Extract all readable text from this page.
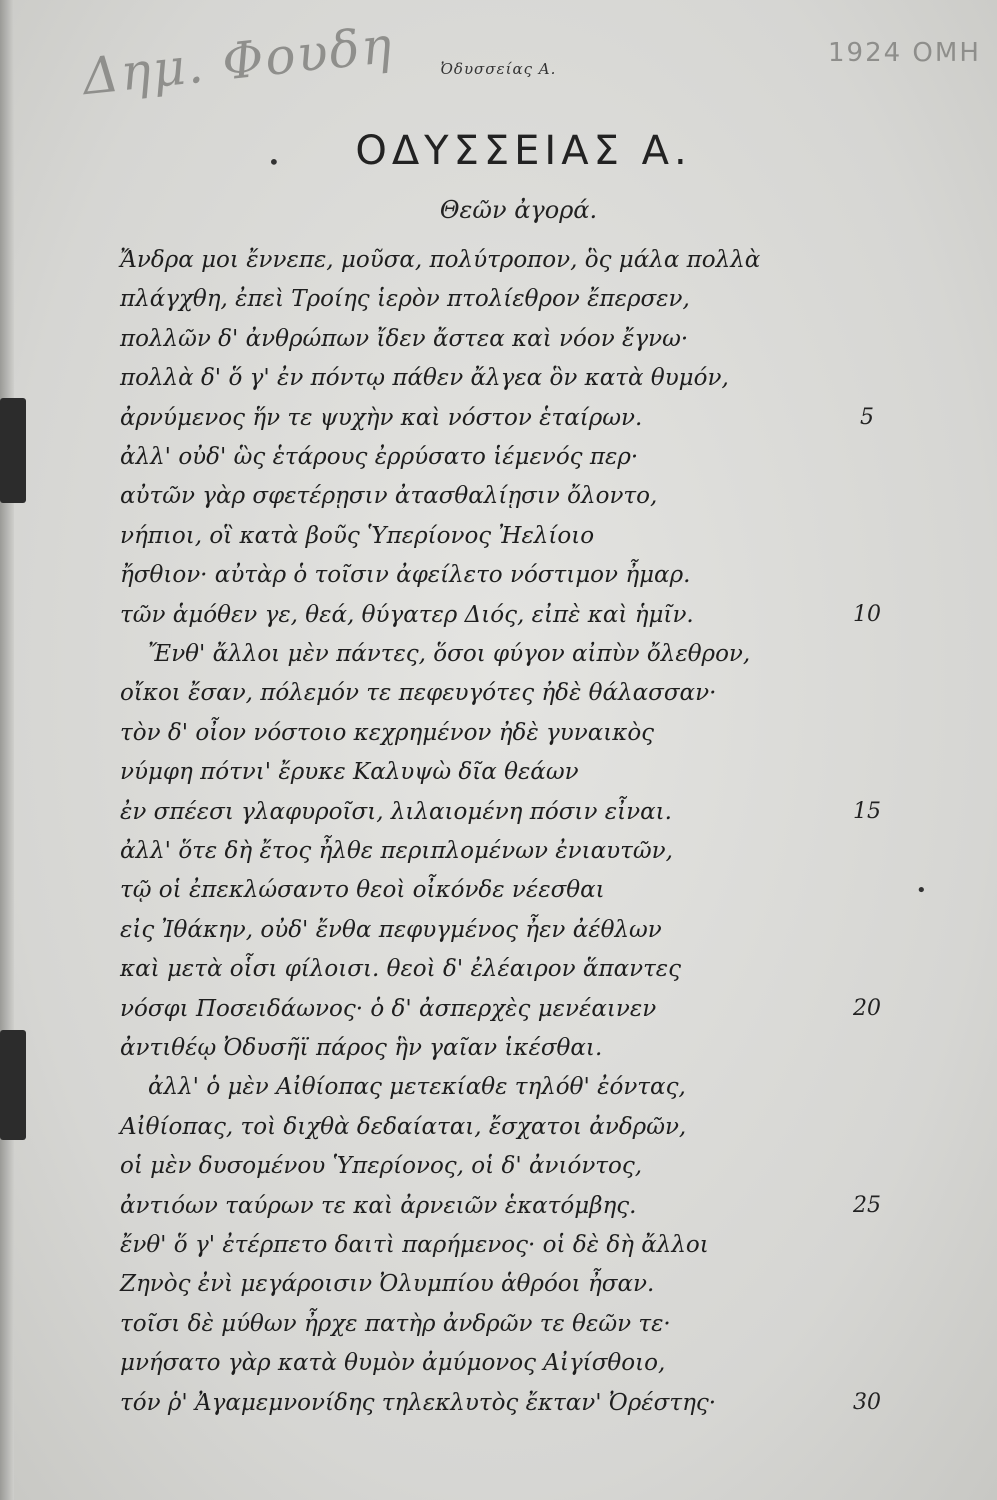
Δημ. Φουδη	1924 ΟΜΗ
Ὀδυσσείας Α.
•	ΟΔΥΣΣΕΙΑΣ Α.
Θεῶν ἀγορά.
Ἄνδρα μοι ἔννεπε, μοῦσα, πολύτροπον, ὃς μάλα πολλὰ
πλάγχθη, ἐπεὶ Τροίης ἱερὸν πτολίεθρον ἔπερσεν,
πολλῶν δ' ἀνθρώπων ἴδεν ἄστεα καὶ νόον ἔγνω·
πολλὰ δ' ὅ γ' ἐν πόντῳ πάθεν ἄλγεα ὃν κατὰ θυμόν,
ἀρνύμενος ἥν τε ψυχὴν καὶ νόστον ἑταίρων.	5
ἀλλ' οὐδ' ὣς ἑτάρους ἐρρύσατο ἱέμενός περ·
αὐτῶν γὰρ σφετέρῃσιν ἀτασθαλίῃσιν ὄλοντο,
νήπιοι, οἳ κατὰ βοῦς Ὑπερίονος Ἠελίοιο
ἤσθιον· αὐτὰρ ὁ τοῖσιν ἀφείλετο νόστιμον ἦμαρ.
τῶν ἁμόθεν γε, θεά, θύγατερ Διός, εἰπὲ καὶ ἡμῖν.	10
Ἔνθ' ἄλλοι μὲν πάντες, ὅσοι φύγον αἰπὺν ὄλεθρον,
οἴκοι ἔσαν, πόλεμόν τε πεφευγότες ἠδὲ θάλασσαν·
τὸν δ' οἶον νόστοιο κεχρημένον ἠδὲ γυναικὸς
νύμφη πότνι' ἔρυκε Καλυψὼ δῖα θεάων
ἐν σπέεσι γλαφυροῖσι, λιλαιομένη πόσιν εἶναι.	15
ἀλλ' ὅτε δὴ ἔτος ἦλθε περιπλομένων ἐνιαυτῶν,
τῷ οἱ ἐπεκλώσαντο θεοὶ οἶκόνδε νέεσθαι
εἰς Ἰθάκην, οὐδ' ἔνθα πεφυγμένος ἦεν ἀέθλων
καὶ μετὰ οἷσι φίλοισι. θεοὶ δ' ἐλέαιρον ἅπαντες
νόσφι Ποσειδάωνος· ὁ δ' ἀσπερχὲς μενέαινεν	20
ἀντιθέῳ Ὀδυσῆϊ πάρος ἣν γαῖαν ἱκέσθαι.
ἀλλ' ὁ μὲν Αἰθίοπας μετεκίαθε τηλόθ' ἐόντας,
Αἰθίοπας, τοὶ διχθὰ δεδαίαται, ἔσχατοι ἀνδρῶν,
οἱ μὲν δυσομένου Ὑπερίονος, οἱ δ' ἀνιόντος,
ἀντιόων ταύρων τε καὶ ἀρνειῶν ἑκατόμβης.	25
ἔνθ' ὅ γ' ἐτέρπετο δαιτὶ παρήμενος· οἱ δὲ δὴ ἄλλοι
Ζηνὸς ἐνὶ μεγάροισιν Ὀλυμπίου ἁθρόοι ἦσαν.
τοῖσι δὲ μύθων ἦρχε πατὴρ ἀνδρῶν τε θεῶν τε·
μνήσατο γὰρ κατὰ θυμὸν ἀμύμονος Αἰγίσθοιο,
τόν ῥ' Ἀγαμεμνονίδης τηλεκλυτὸς ἔκταν' Ὀρέστης·	30
•
